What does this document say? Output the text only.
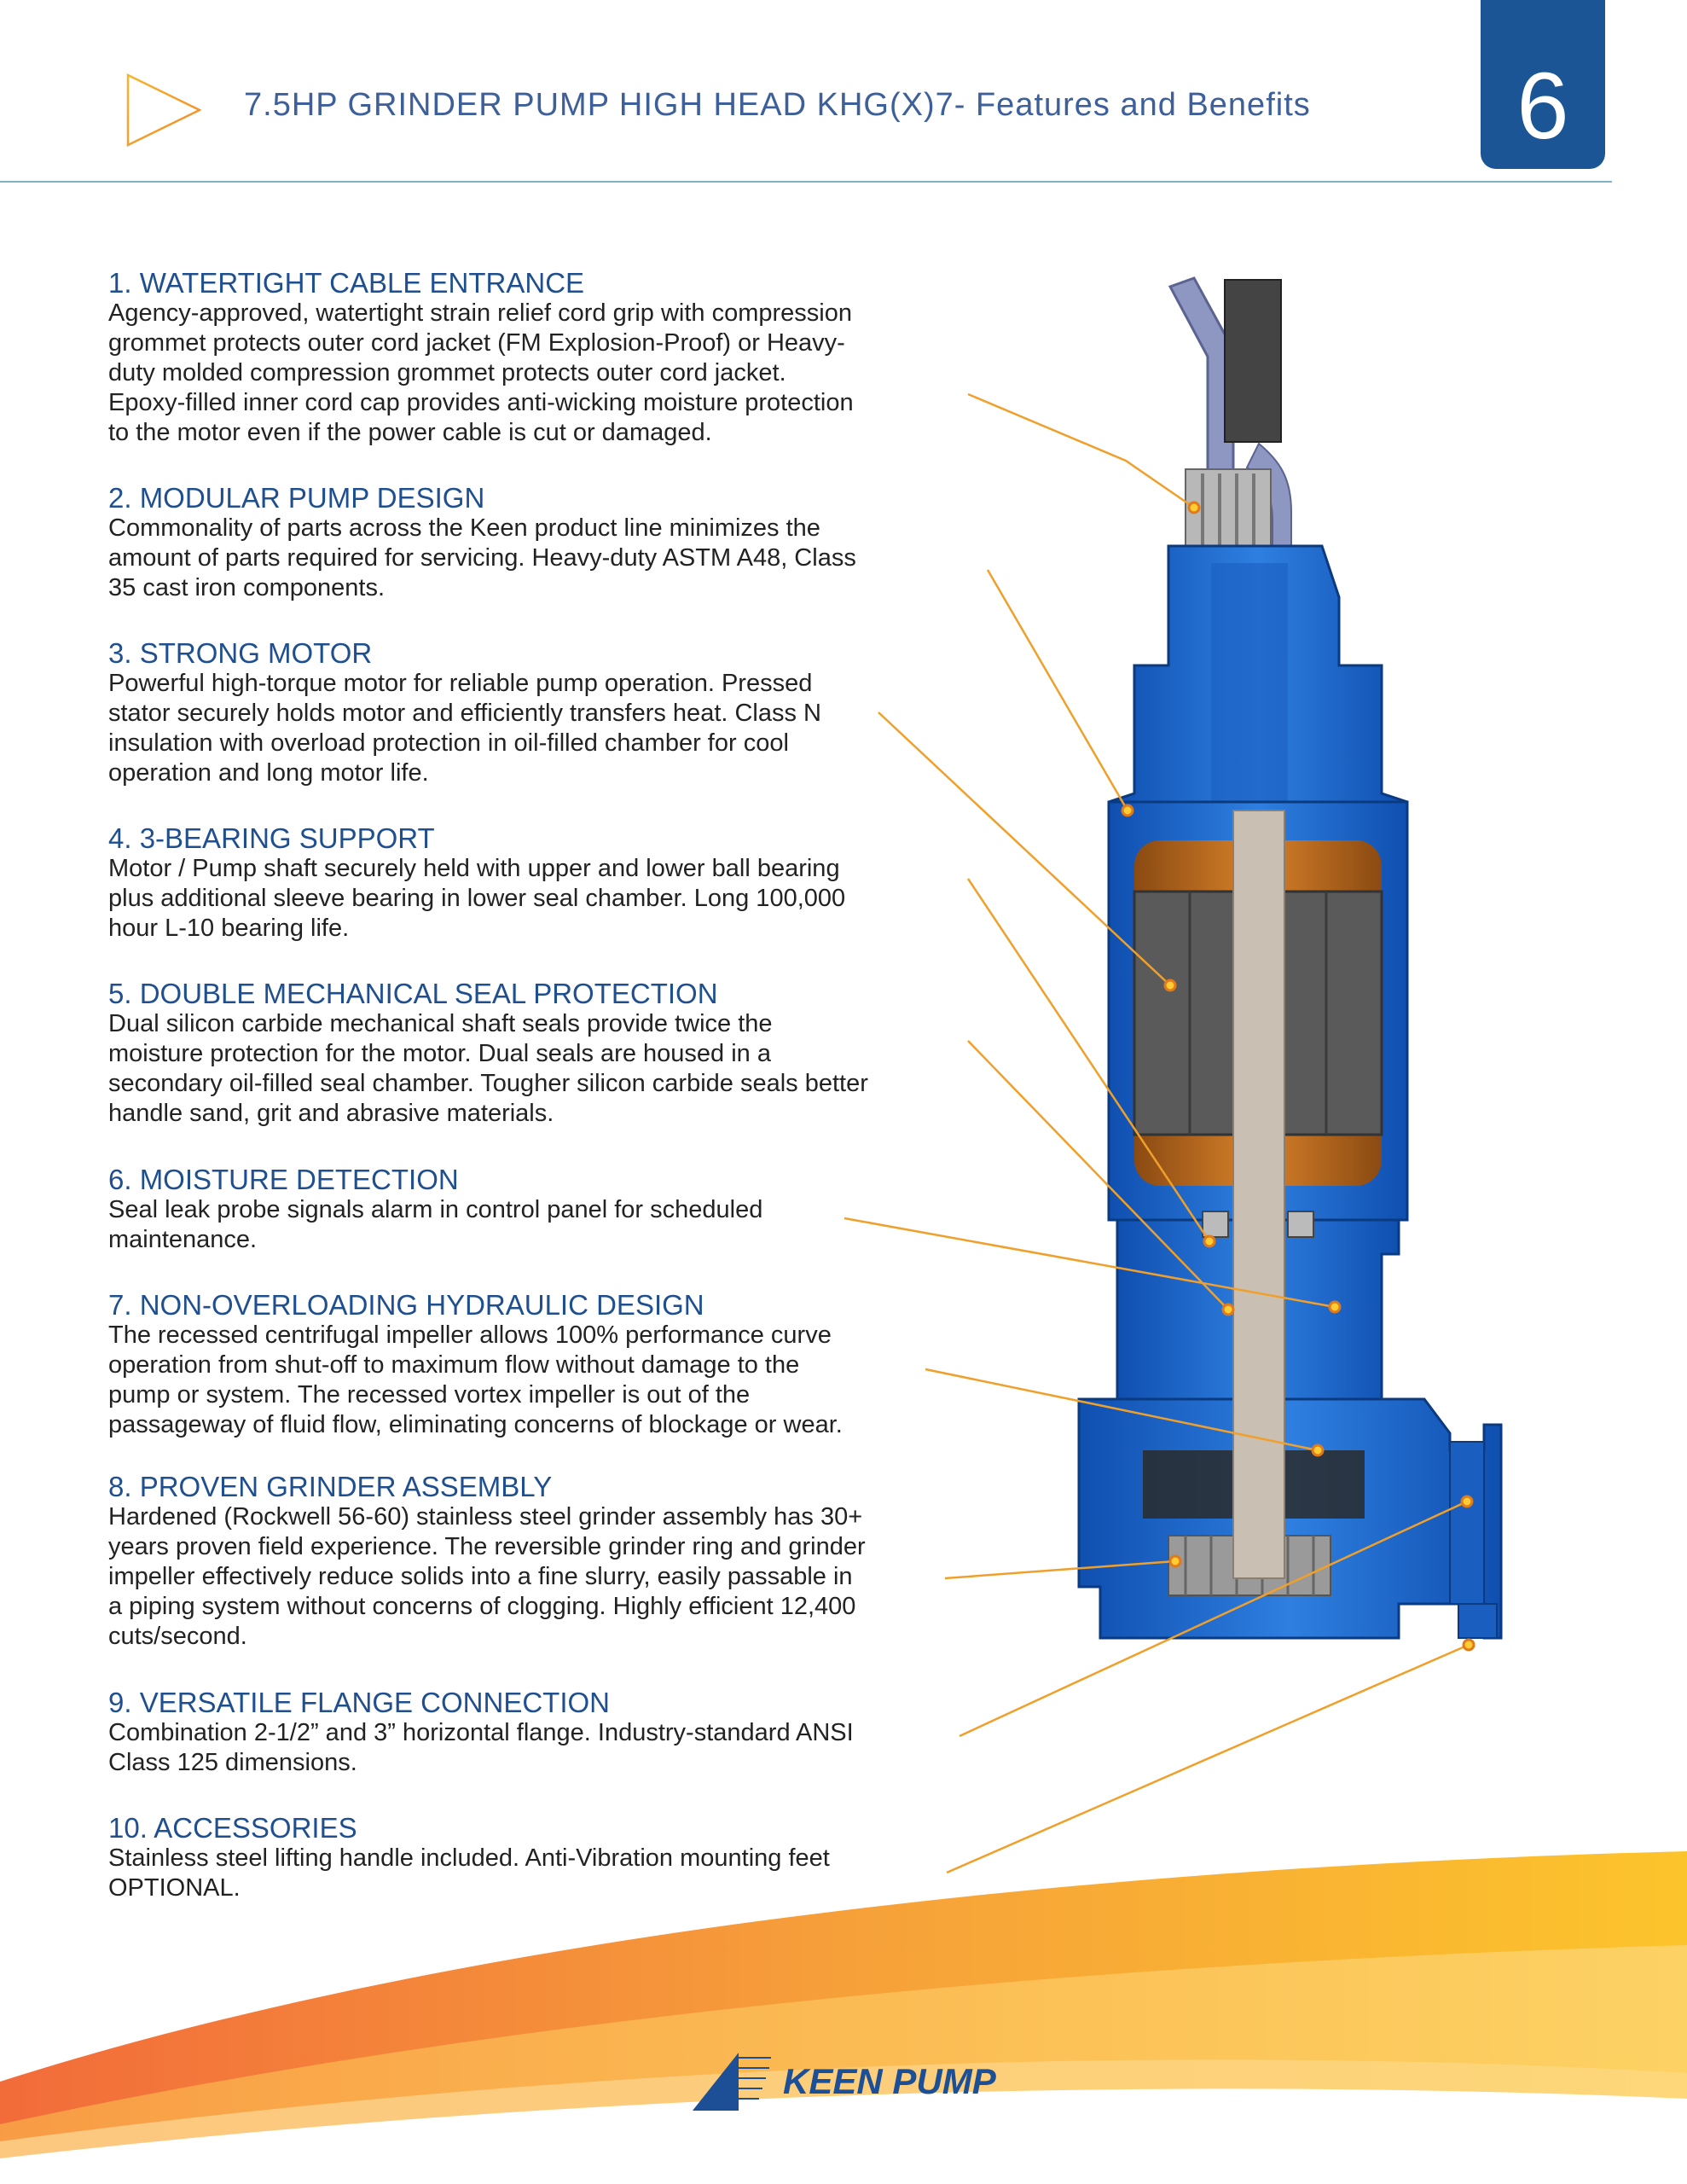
7.5HP GRINDER PUMP HIGH HEAD KHG(X)7- Features and Benefits	6
1. WATERTIGHT CABLE ENTRANCE

Agency-approved, watertight strain relief cord grip with compression

grommet protects outer cord jacket (FM Explosion-Proof) or Heavy-

duty molded compression grommet protects outer cord jacket.

Epoxy-filled inner cord cap provides anti-wicking moisture protection

to the motor even if the power cable is cut or damaged.

2. MODULAR PUMP DESIGN

Commonality of parts across the Keen product line minimizes the

amount of parts required for servicing. Heavy-duty ASTM A48, Class

35 cast iron components.

3. STRONG MOTOR

Powerful high-torque motor for reliable pump operation. Pressed

stator securely holds motor and efficiently transfers heat. Class N

insulation with overload protection in oil-filled chamber for cool

operation and long motor life.

4. 3-BEARING SUPPORT

Motor / Pump shaft securely held with upper and lower ball bearing

plus additional sleeve bearing in lower seal chamber. Long 100,000

hour L-10 bearing life.

5. DOUBLE MECHANICAL SEAL PROTECTION

Dual silicon carbide mechanical shaft seals provide twice the

moisture protection for the motor. Dual seals are housed in a

secondary oil-filled seal chamber. Tougher silicon carbide seals better

handle sand, grit and abrasive materials.

6. MOISTURE DETECTION

Seal leak probe signals alarm in control panel for scheduled

maintenance.

7. NON-OVERLOADING HYDRAULIC DESIGN

The recessed centrifugal impeller allows 100% performance curve

operation from shut-off to maximum flow without damage to the

pump or system. The recessed vortex impeller is out of the

passageway of fluid flow, eliminating concerns of blockage or wear.

8. PROVEN GRINDER ASSEMBLY

Hardened (Rockwell 56-60) stainless steel grinder assembly has 30+

years proven field experience. The reversible grinder ring and grinder

impeller effectively reduce solids into a fine slurry, easily passable in

a piping system without concerns of clogging. Highly efficient 12,400

cuts/second.

9. VERSATILE FLANGE CONNECTION

Combination 2-1/2” and 3” horizontal flange. Industry-standard ANSI

Class 125 dimensions.

10. ACCESSORIES

Stainless steel lifting handle included. Anti-Vibration mounting feet

OPTIONAL.

KEEN PUMP
